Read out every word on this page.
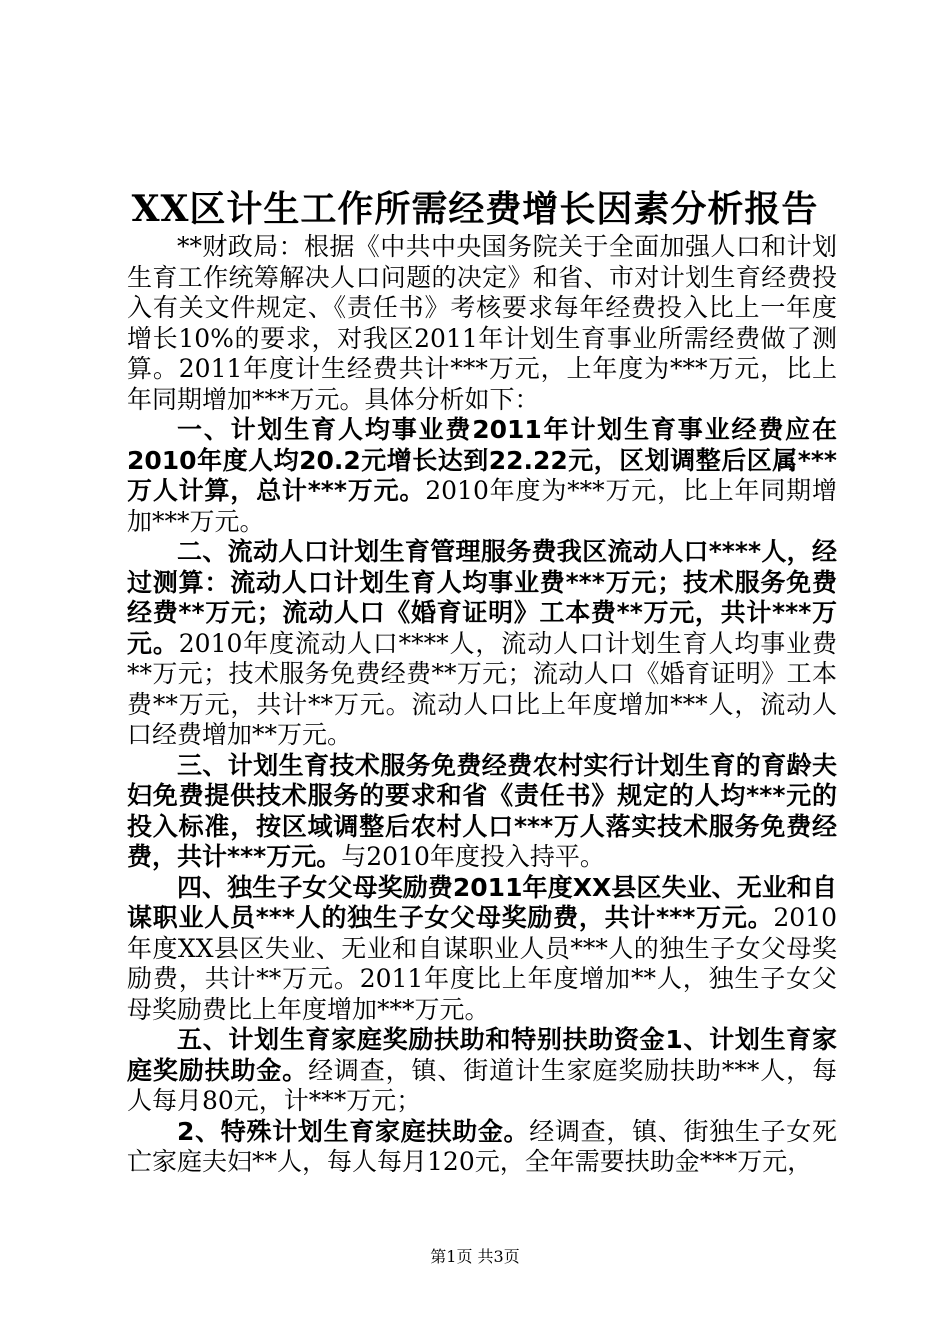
XX区计生工作所需经费增长因素分析报告

**财政局：根据《中共中央国务院关于全面加强人口和计划生育工作统筹解决人口问题的决定》和省、市对计划生育经费投入有关文件规定、《责任书》考核要求每年经费投入比上一年度增长10%的要求，对我区2011年计划生育事业所需经费做了测算。2011年度计生经费共计***万元，上年度为***万元，比上年同期增加***万元。具体分析如下：

一、计划生育人均事业费2011年计划生育事业经费应在2010年度人均20.2元增长达到22.22元，区划调整后区属***万人计算，总计***万元。2010年度为***万元，比上年同期增加***万元。

二、流动人口计划生育管理服务费我区流动人口****人，经过测算：流动人口计划生育人均事业费***万元；技术服务免费经费**万元；流动人口《婚育证明》工本费**万元，共计***万元。2010年度流动人口****人，流动人口计划生育人均事业费**万元；技术服务免费经费**万元；流动人口《婚育证明》工本费**万元，共计**万元。流动人口比上年度增加***人，流动人口经费增加**万元。

三、计划生育技术服务免费经费农村实行计划生育的育龄夫妇免费提供技术服务的要求和省《责任书》规定的人均***元的投入标准，按区域调整后农村人口***万人落实技术服务免费经费，共计***万元。与2010年度投入持平。

四、独生子女父母奖励费2011年度XX县区失业、无业和自谋职业人员***人的独生子女父母奖励费，共计***万元。2010年度XX县区失业、无业和自谋职业人员***人的独生子女父母奖励费，共计**万元。2011年度比上年度增加**人，独生子女父母奖励费比上年度增加***万元。

五、计划生育家庭奖励扶助和特别扶助资金1、计划生育家庭奖励扶助金。经调查，镇、街道计生家庭奖励扶助***人，每人每月80元，计***万元；

2、特殊计划生育家庭扶助金。经调查，镇、街独生子女死亡家庭夫妇**人，每人每月120元，全年需要扶助金***万元，

第1页 共3页
